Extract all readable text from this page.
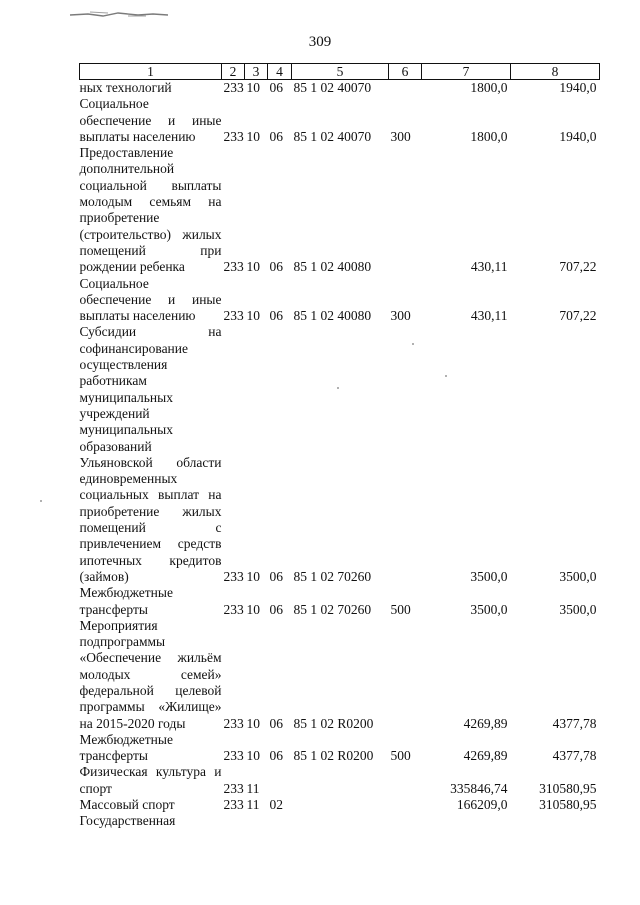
309
1	2	3	4	5	6	7	8
ных технологий	233	10	06	85 1 02 40070		1800,0	1940,0
Социальное обеспечение и иные выплаты населению	233	10	06	85 1 02 40070	300	1800,0	1940,0
Предоставление дополнительной социальной выплаты молодым семьям на приобретение (строительство) жилых помещений при рождении ребенка	233	10	06	85 1 02 40080		430,11	707,22
Социальное обеспечение и иные выплаты населению	233	10	06	85 1 02 40080	300	430,11	707,22
Субсидии на софинансирование осуществления работникам муниципальных учреждений муниципальных образований Ульяновской области единовременных социальных выплат на приобретение жилых помещений с привлечением средств ипотечных кредитов (займов)	233	10	06	85 1 02 70260		3500,0	3500,0
Межбюджетные трансферты	233	10	06	85 1 02 70260	500	3500,0	3500,0
Мероприятия подпрограммы «Обеспечение жильём молодых семей» федеральной целевой программы «Жилище» на 2015-2020 годы	233	10	06	85 1 02 R0200		4269,89	4377,78
Межбюджетные трансферты	233	10	06	85 1 02 R0200	500	4269,89	4377,78
Физическая культура и спорт	233	11				335846,74	310580,95
Массовый спорт	233	11	02			166209,0	310580,95
Государственная							
